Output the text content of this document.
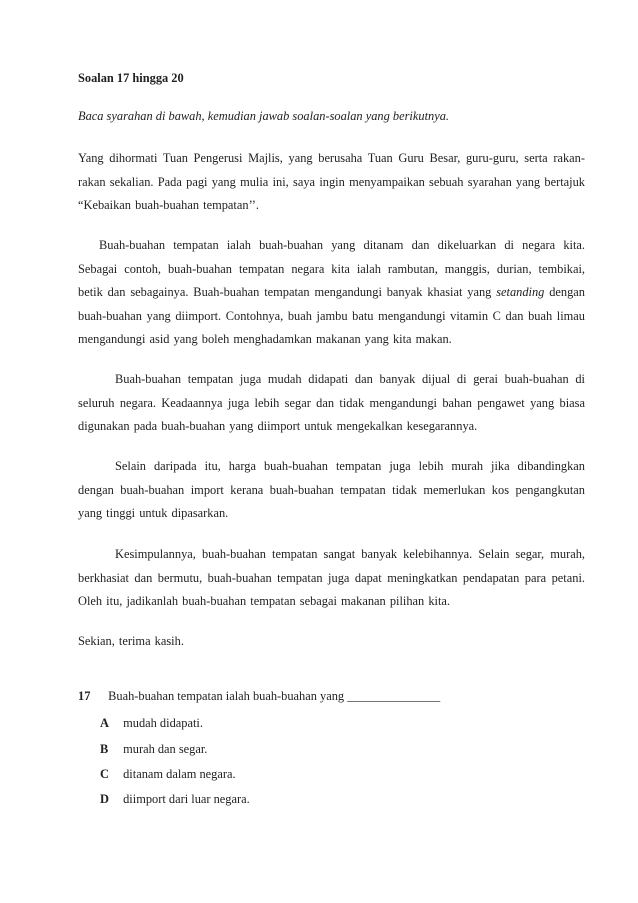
Soalan 17 hingga 20
Baca syarahan di bawah, kemudian jawab soalan-soalan yang berikutnya.

Yang dihormati Tuan Pengerusi Majlis, yang berusaha Tuan Guru Besar, guru-guru, serta rakan-rakan sekalian. Pada pagi yang mulia ini, saya ingin menyampaikan sebuah syarahan yang bertajuk “Kebaikan buah-buahan tempatan’’.

Buah-buahan tempatan ialah buah-buahan yang ditanam dan dikeluarkan di negara kita. Sebagai contoh, buah-buahan tempatan negara kita ialah rambutan, manggis, durian, tembikai, betik dan sebagainya. Buah-buahan tempatan mengandungi banyak khasiat yang setanding dengan buah-buahan yang diimport. Contohnya, buah jambu batu mengandungi vitamin C dan buah limau mengandungi asid yang boleh menghadamkan makanan yang kita makan.

Buah-buahan tempatan juga mudah didapati dan banyak dijual di gerai buah-buahan di seluruh negara. Keadaannya juga lebih segar dan tidak mengandungi bahan pengawet yang biasa digunakan pada buah-buahan yang diimport untuk mengekalkan kesegarannya.

Selain daripada itu, harga buah-buahan tempatan juga lebih murah jika dibandingkan dengan buah-buahan import kerana buah-buahan tempatan tidak memerlukan kos pengangkutan yang tinggi untuk dipasarkan.

Kesimpulannya, buah-buahan tempatan sangat banyak kelebihannya. Selain segar, murah, berkhasiat dan bermutu, buah-buahan tempatan juga dapat meningkatkan pendapatan para petani. Oleh itu, jadikanlah buah-buahan tempatan sebagai makanan pilihan kita.

Sekian, terima kasih.

17 Buah-buahan tempatan ialah buah-buahan yang _______________
A mudah didapati.
B murah dan segar.
C ditanam dalam negara.
D diimport dari luar negara.
